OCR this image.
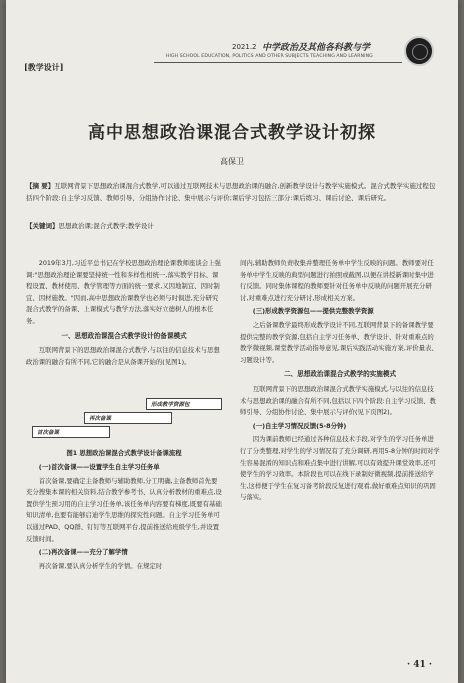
2021.2 中学政治及其他各科教与学
HIGH SCHOOL EDUCATION, POLITICS AND OTHER SUBJECTS TEACHING AND LEARNING
[教学设计]
高中思想政治课混合式教学设计初探
高保卫
【摘 要】互联网背景下思想政治课混合式教学,可以通过互联网技术与思想政治课的融合,创新教学设计与教学实施模式。混合式教学实施过程包括四个阶段:自主学习反馈、教师引导、分组协作讨论、集中展示与评价;课后学习包括三部分:课后练习、课后讨论、课后研究。
【关键词】思想政治课;混合式教学;教学设计

2019年3月,习近平总书记在学校思想政治理论课教师座谈会上强调:"思想政治理论课要坚持统一性和多样性相统一,落实教学目标、课程设置、教材使用、教学管理等方面的统一要求,又因地制宜、因时制宜、因材施教。"因而,高中思想政治课教学也必须与时俱进,充分研究混合式教学的备课、上课模式与教学方法,落实好立德树人的根本任务。

一、思想政治课混合式教学设计的备课模式

互联网背景下的思想政治课混合式教学,与以往的信息技术与思想政治课的融合有所不同,它的融合是从备课开始的(见图1)。

首次备课
再次备课
形成教学资源包
图1 思想政治课混合式教学设计备课流程
(一)首次备课——设置学生自主学习任务单

首次备课,要确定主备教师与辅助教师,分工明确,主备教师首先要充分搜集本课的相关资料,结合教学参考书、认真分析教材的重难点,设置供学生预习用的自主学习任务单,该任务单内容要有梯度,既要有基础知识清单,也要有能够启迪学生思维的探究性问题。自主学习任务单可以通过PAD、QQ群、钉钉等互联网平台,提前推送给班级学生,并设置反馈时间。

(二)再次备课——充分了解学情

再次备课,要认真分析学生的学情。在规定时

间内,辅助教师负责收集并整理任务单中学生反映的问题。教师要对任务单中学生反映的典型问题进行拍照或截图,以便在讲授新课时集中进行反馈。同时集体课程的教师要针对任务单中反映的问题开展充分研讨,对重难点进行充分研讨,形成相关方案。

(三)形成教学资源包——提供完整教学资源

之后备课教学最终形成教学设计不同,互联网背景下的备课教学要提供完整的教学资源,包括自主学习任务单、教学设计、针对重难点的教学微视频,课堂教学活动指导意见,课后实践活动实施方案,评价量表、习题设计等。

二、思想政治课混合式教学的实施模式

互联网背景下的思想政治课混合式教学实施模式,与以往的信息技术与思想政治课的融合有所不同,包括以下四个阶段:自主学习反馈、教师引导、分组协作讨论、集中展示与评价(见下页图2)。

(一)自主学习情况反馈(5-8分钟)

因为课前教师已经通过各种信息技术手段,对学生的学习任务单进行了分类整理,对学生的学习情况有了充分调研,再用5-8分钟的时间对学生容易混淆的知识点和难点集中进行讲解,可以有效提升课堂效率,还可使学生的学习效率。本阶段也可以在线下录制好微视频,提前推送给学生,这样便于学生在复习备考阶段反复进行观看,做好重难点知识的巩固与落实。

· 41 ·
